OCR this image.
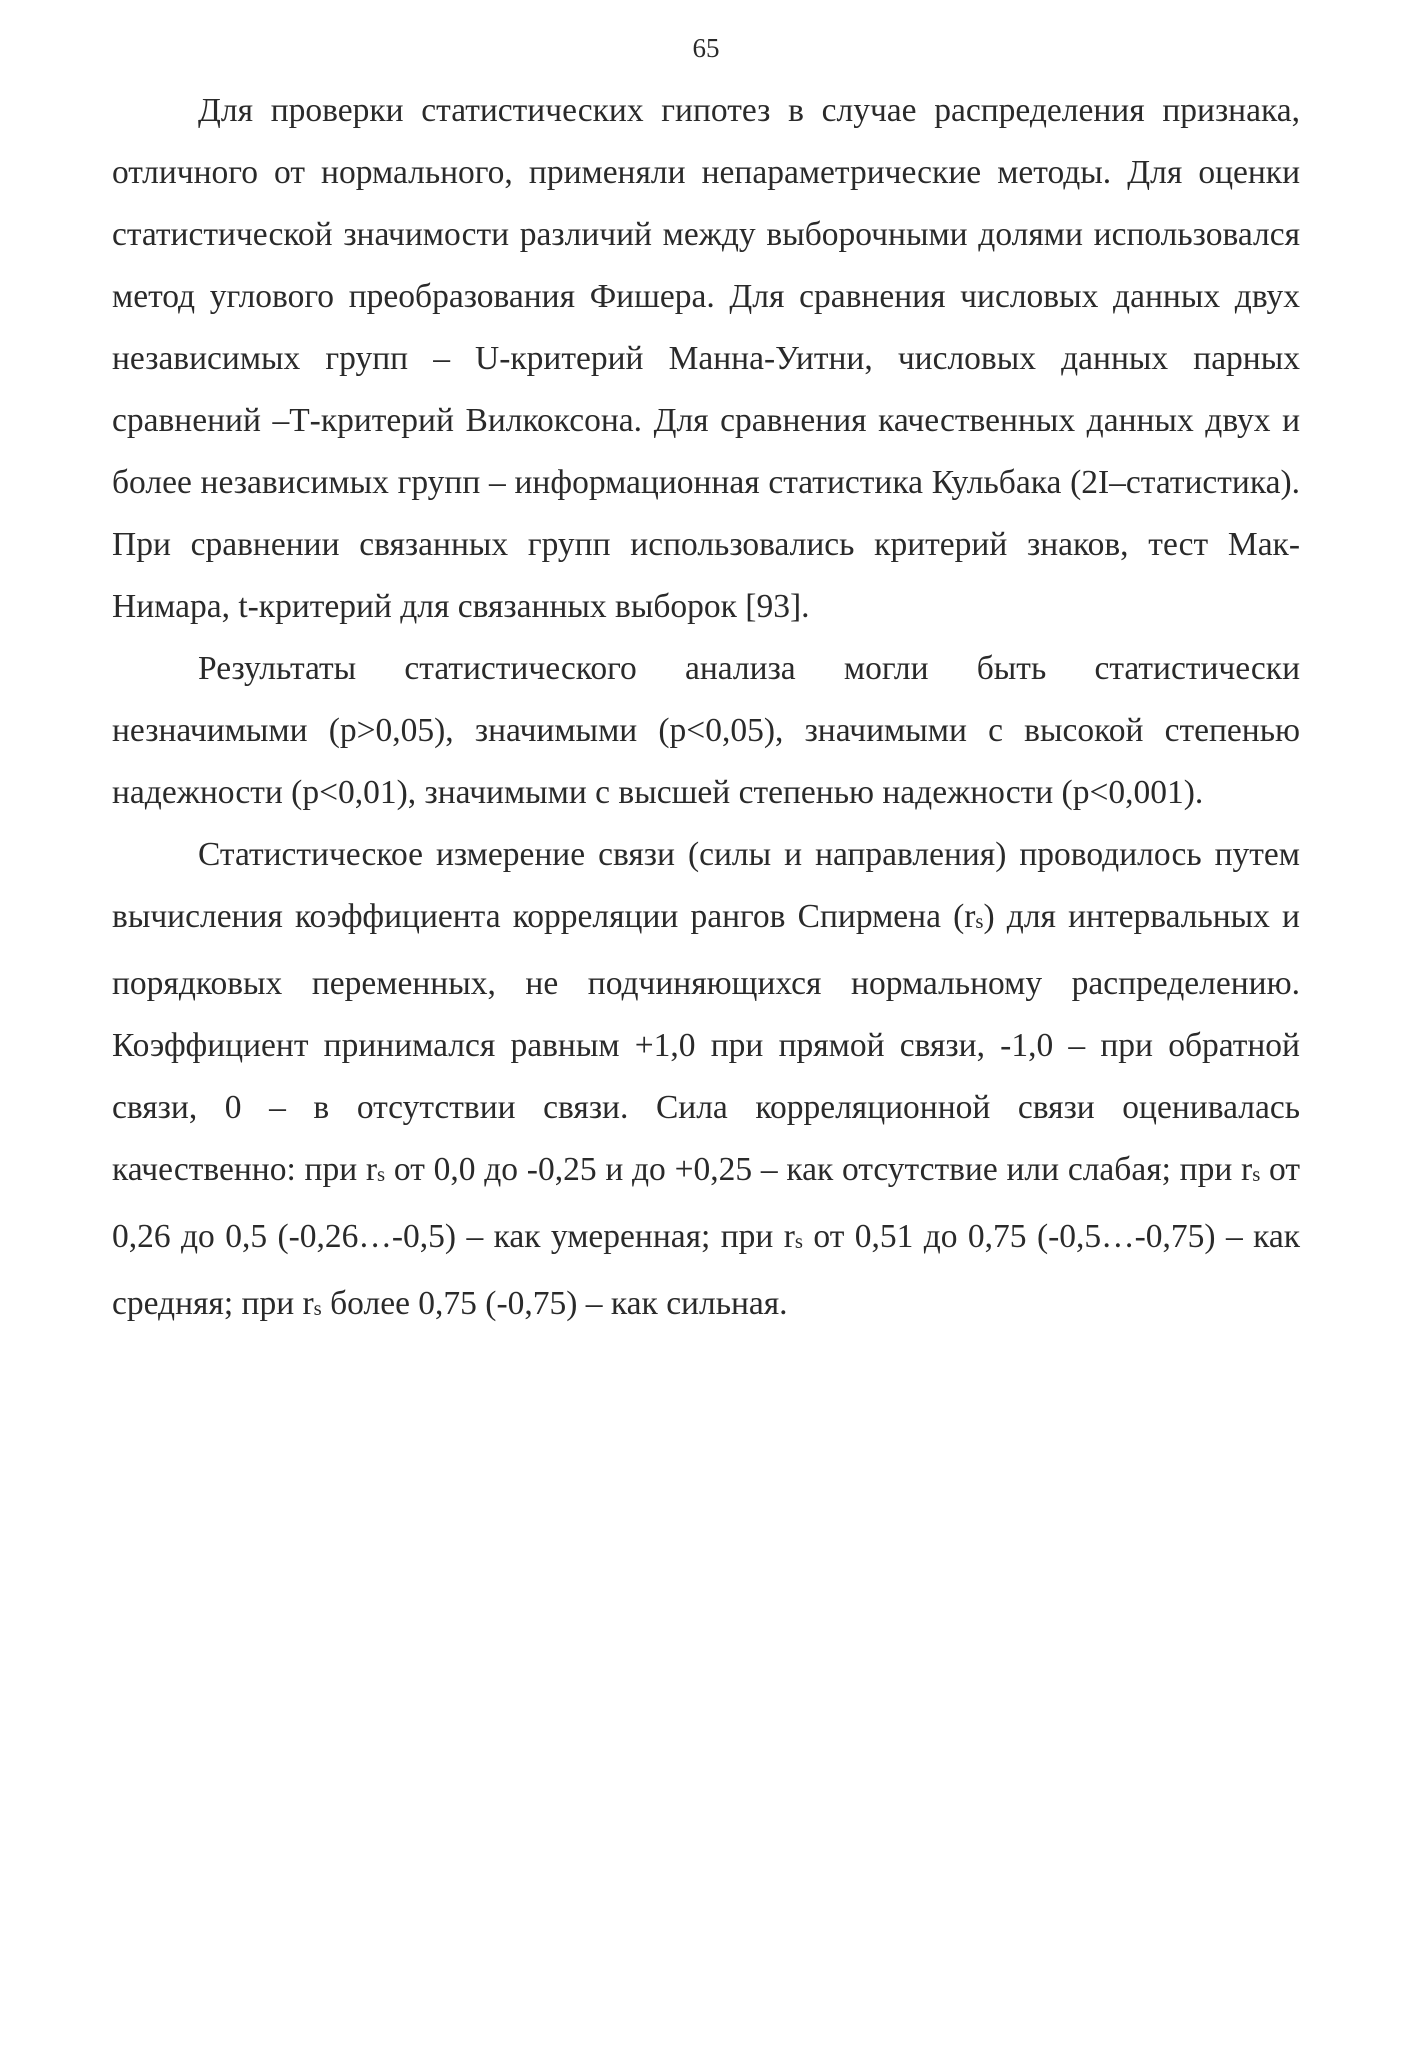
65

Для проверки статистических гипотез в случае распределения признака, отличного от нормального, применяли непараметрические методы. Для оценки статистической значимости различий между выборочными долями использовался метод углового преобразования Фишера. Для сравнения числовых данных двух независимых групп – U-критерий Манна-Уитни, числовых данных парных сравнений –Т-критерий Вилкоксона. Для сравнения качественных данных двух и более независимых групп – информационная статистика Кульбака (2I–статистика). При сравнении связанных групп использовались критерий знаков, тест Мак-Нимара, t-критерий для связанных выборок [93].

Результаты статистического анализа могли быть статистически незначимыми (р>0,05), значимыми (р<0,05), значимыми с высокой степенью надежности (р<0,01), значимыми с высшей степенью надежности (р<0,001).

Статистическое измерение связи (силы и направления) проводилось путем вычисления коэффициента корреляции рангов Спирмена (rs) для интервальных и порядковых переменных, не подчиняющихся нормальному распределению. Коэффициент принимался равным +1,0 при прямой связи, -1,0 – при обратной связи, 0 – в отсутствии связи. Сила корреляционной связи оценивалась качественно: при rs от 0,0 до -0,25 и до +0,25 – как отсутствие или слабая; при rs от 0,26 до 0,5 (-0,26…-0,5) – как умеренная; при rs от 0,51 до 0,75 (-0,5…-0,75) – как средняя; при rs более 0,75 (-0,75) – как сильная.
